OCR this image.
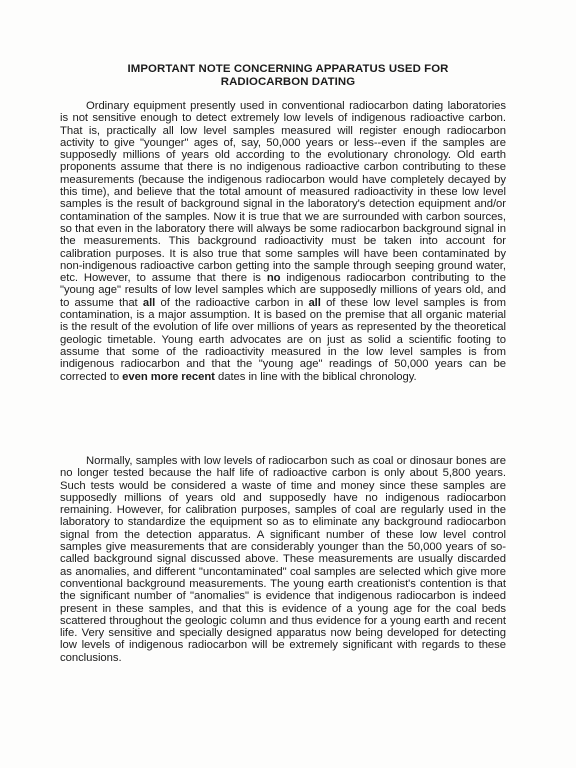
IMPORTANT NOTE CONCERNING APPARATUS USED FOR
RADIOCARBON DATING

Ordinary equipment presently used in conventional radiocarbon dating laboratories is not sensitive enough to detect extremely low levels of indigenous radioactive carbon. That is, practically all low level samples measured will register enough radiocarbon activity to give "younger" ages of, say, 50,000 years or less--even if the samples are supposedly millions of years old according to the evolutionary chronology. Old earth proponents assume that there is no indigenous radioactive carbon contributing to these measurements (because the indigenous radiocarbon would have completely decayed by this time), and believe that the total amount of measured radioactivity in these low level samples is the result of background signal in the laboratory's detection equipment and/or contamination of the samples. Now it is true that we are surrounded with carbon sources, so that even in the laboratory there will always be some radiocarbon background signal in the measurements. This background radioactivity must be taken into account for calibration purposes. It is also true that some samples will have been contaminated by non-indigenous radioactive carbon getting into the sample through seeping ground water, etc. However, to assume that there is no indigenous radiocarbon contributing to the "young age" results of low level samples which are supposedly millions of years old, and to assume that all of the radioactive carbon in all of these low level samples is from contamination, is a major assumption. It is based on the premise that all organic material is the result of the evolution of life over millions of years as represented by the theoretical geologic timetable. Young earth advocates are on just as solid a scientific footing to assume that some of the radioactivity measured in the low level samples is from indigenous radiocarbon and that the "young age" readings of 50,000 years can be corrected to even more recent dates in line with the biblical chronology.

Normally, samples with low levels of radiocarbon such as coal or dinosaur bones are no longer tested because the half life of radioactive carbon is only about 5,800 years. Such tests would be considered a waste of time and money since these samples are supposedly millions of years old and supposedly have no indigenous radiocarbon remaining. However, for calibration purposes, samples of coal are regularly used in the laboratory to standardize the equipment so as to eliminate any background radiocarbon signal from the detection apparatus. A significant number of these low level control samples give measurements that are considerably younger than the 50,000 years of so-called background signal discussed above. These measurements are usually discarded as anomalies, and different "uncontaminated" coal samples are selected which give more conventional background measurements. The young earth creationist's contention is that the significant number of "anomalies" is evidence that indigenous radiocarbon is indeed present in these samples, and that this is evidence of a young age for the coal beds scattered throughout the geologic column and thus evidence for a young earth and recent life. Very sensitive and specially designed apparatus now being developed for detecting low levels of indigenous radiocarbon will be extremely significant with regards to these conclusions.
